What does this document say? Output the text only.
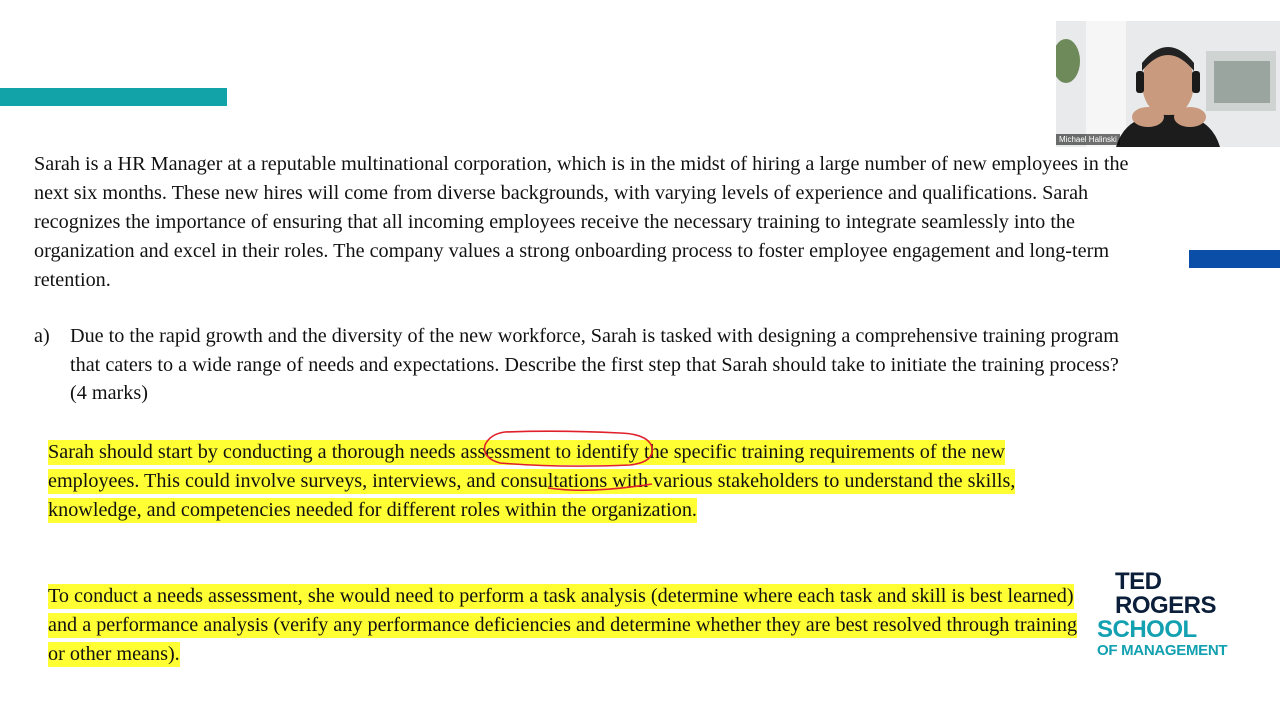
Michael Halinski

Sarah is a HR Manager at a reputable multinational corporation, which is in the midst of hiring a large number of new employees in the next six months. These new hires will come from diverse backgrounds, with varying levels of experience and qualifications. Sarah recognizes the importance of ensuring that all incoming employees receive the necessary training to integrate seamlessly into the organization and excel in their roles. The company values a strong onboarding process to foster employee engagement and long-term retention.

a) Due to the rapid growth and the diversity of the new workforce, Sarah is tasked with designing a comprehensive training program that caters to a wide range of needs and expectations. Describe the first step that Sarah should take to initiate the training process? (4 marks)
Sarah should start by conducting a thorough needs assessment to identify the specific training requirements of the new employees. This could involve surveys, interviews, and consultations with various stakeholders to understand the skills, knowledge, and competencies needed for different roles within the organization.
To conduct a needs assessment, she would need to perform a task analysis (determine where each task and skill is best learned) and a performance analysis (verify any performance deficiencies and determine whether they are best resolved through training or other means).
TED
ROGERS
SCHOOL
OF MANAGEMENT
